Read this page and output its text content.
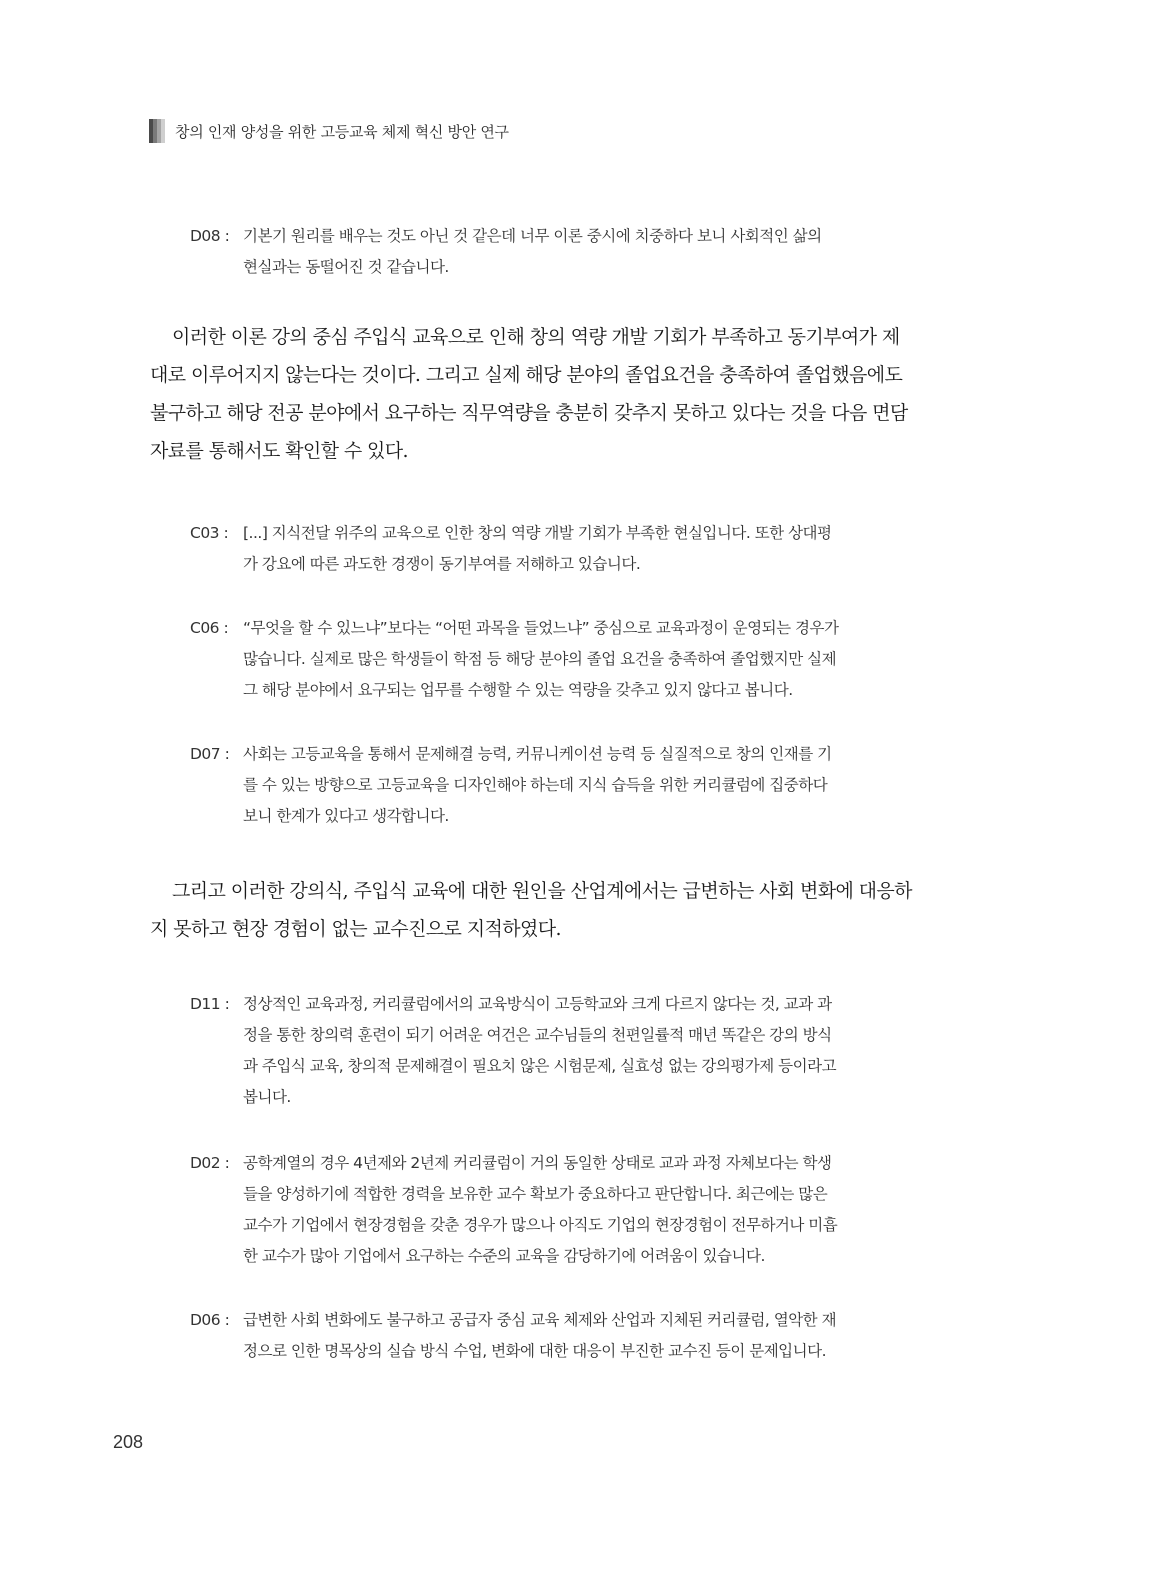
창의 인재 양성을 위한 고등교육 체제 혁신 방안 연구
D08 : 기본기 원리를 배우는 것도 아닌 것 같은데 너무 이론 중시에 치중하다 보니 사회적인 삶의
현실과는 동떨어진 것 같습니다.
이러한 이론 강의 중심 주입식 교육으로 인해 창의 역량 개발 기회가 부족하고 동기부여가 제
대로 이루어지지 않는다는 것이다. 그리고 실제 해당 분야의 졸업요건을 충족하여 졸업했음에도
불구하고 해당 전공 분야에서 요구하는 직무역량을 충분히 갖추지 못하고 있다는 것을 다음 면담
자료를 통해서도 확인할 수 있다.
C03 : [...] 지식전달 위주의 교육으로 인한 창의 역량 개발 기회가 부족한 현실입니다. 또한 상대평
가 강요에 따른 과도한 경쟁이 동기부여를 저해하고 있습니다.
C06 : “무엇을 할 수 있느냐”보다는 “어떤 과목을 들었느냐” 중심으로 교육과정이 운영되는 경우가
많습니다. 실제로 많은 학생들이 학점 등 해당 분야의 졸업 요건을 충족하여 졸업했지만 실제
그 해당 분야에서 요구되는 업무를 수행할 수 있는 역량을 갖추고 있지 않다고 봅니다.
D07 : 사회는 고등교육을 통해서 문제해결 능력, 커뮤니케이션 능력 등 실질적으로 창의 인재를 기
를 수 있는 방향으로 고등교육을 디자인해야 하는데 지식 습득을 위한 커리큘럼에 집중하다
보니 한계가 있다고 생각합니다.
그리고 이러한 강의식, 주입식 교육에 대한 원인을 산업계에서는 급변하는 사회 변화에 대응하
지 못하고 현장 경험이 없는 교수진으로 지적하였다.
D11 : 정상적인 교육과정, 커리큘럼에서의 교육방식이 고등학교와 크게 다르지 않다는 것, 교과 과
정을 통한 창의력 훈련이 되기 어려운 여건은 교수님들의 천편일률적 매년 똑같은 강의 방식
과 주입식 교육, 창의적 문제해결이 필요치 않은 시험문제, 실효성 없는 강의평가제 등이라고
봅니다.
D02 : 공학계열의 경우 4년제와 2년제 커리큘럼이 거의 동일한 상태로 교과 과정 자체보다는 학생
들을 양성하기에 적합한 경력을 보유한 교수 확보가 중요하다고 판단합니다. 최근에는 많은
교수가 기업에서 현장경험을 갖춘 경우가 많으나 아직도 기업의 현장경험이 전무하거나 미흡
한 교수가 많아 기업에서 요구하는 수준의 교육을 감당하기에 어려움이 있습니다.
D06 : 급변한 사회 변화에도 불구하고 공급자 중심 교육 체제와 산업과 지체된 커리큘럼, 열악한 재
정으로 인한 명목상의 실습 방식 수업, 변화에 대한 대응이 부진한 교수진 등이 문제입니다.
208
